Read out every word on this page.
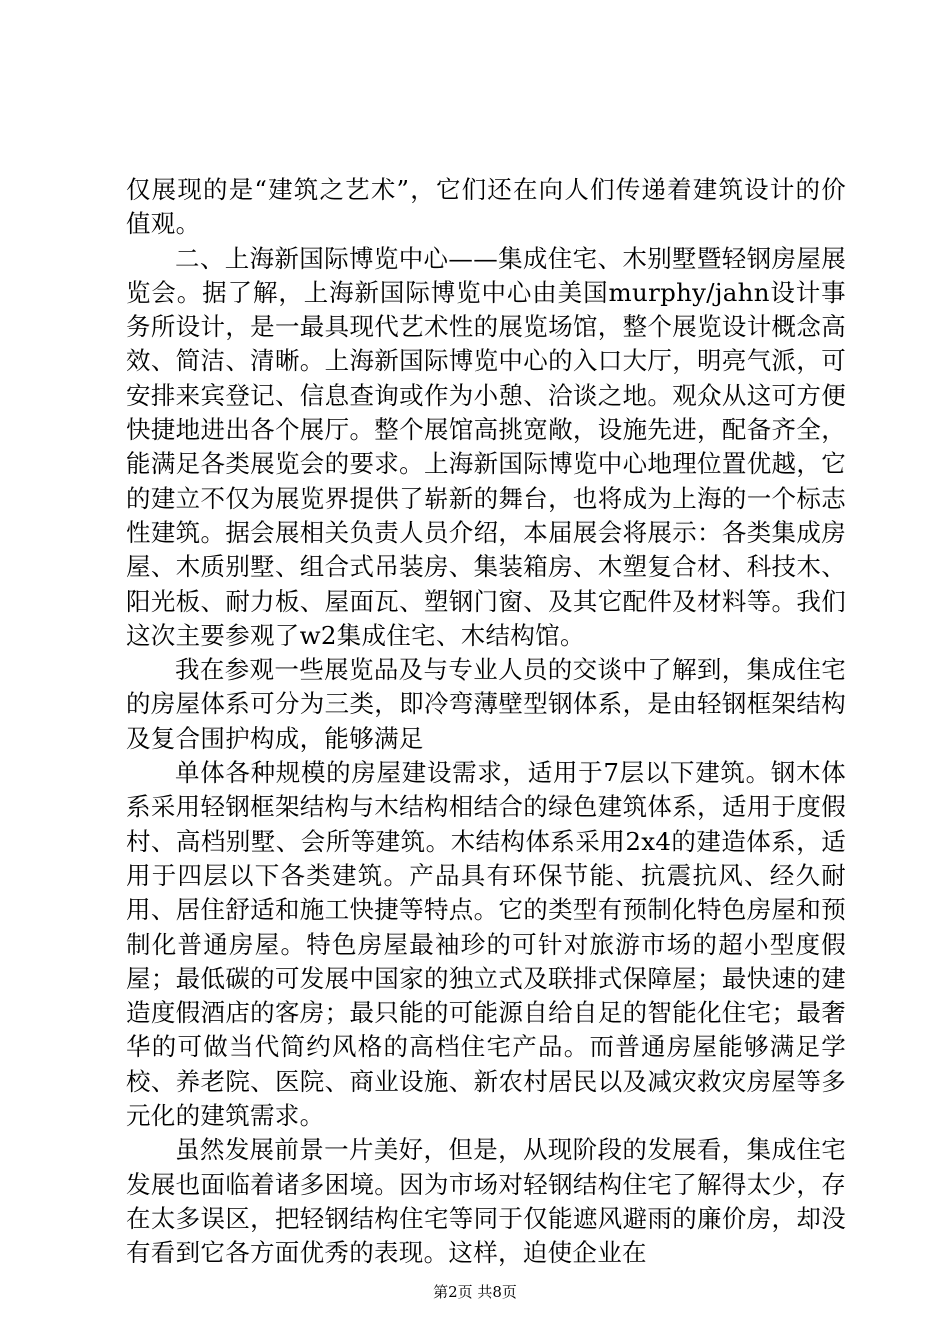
仅展现的是“建筑之艺术”，它们还在向人们传递着建筑设计的价值观。

二、上海新国际博览中心——集成住宅、木别墅暨轻钢房屋展览会。据了解，上海新国际博览中心由美国murphy/jahn设计事务所设计，是一最具现代艺术性的展览场馆，整个展览设计概念高效、简洁、清晰。上海新国际博览中心的入口大厅，明亮气派，可安排来宾登记、信息查询或作为小憩、洽谈之地。观众从这可方便快捷地进出各个展厅。整个展馆高挑宽敞，设施先进，配备齐全，能满足各类展览会的要求。上海新国际博览中心地理位置优越，它的建立不仅为展览界提供了崭新的舞台，也将成为上海的一个标志性建筑。据会展相关负责人员介绍，本届展会将展示：各类集成房屋、木质别墅、组合式吊装房、集装箱房、木塑复合材、科技木、阳光板、耐力板、屋面瓦、塑钢门窗、及其它配件及材料等。我们这次主要参观了w2集成住宅、木结构馆。

我在参观一些展览品及与专业人员的交谈中了解到，集成住宅的房屋体系可分为三类，即冷弯薄壁型钢体系，是由轻钢框架结构及复合围护构成，能够满足

单体各种规模的房屋建设需求，适用于7层以下建筑。钢木体系采用轻钢框架结构与木结构相结合的绿色建筑体系，适用于度假村、高档别墅、会所等建筑。木结构体系采用2x4的建造体系，适用于四层以下各类建筑。产品具有环保节能、抗震抗风、经久耐用、居住舒适和施工快捷等特点。它的类型有预制化特色房屋和预制化普通房屋。特色房屋最袖珍的可针对旅游市场的超小型度假屋；最低碳的可发展中国家的独立式及联排式保障屋；最快速的建造度假酒店的客房；最只能的可能源自给自足的智能化住宅；最奢华的可做当代简约风格的高档住宅产品。而普通房屋能够满足学校、养老院、医院、商业设施、新农村居民以及减灾救灾房屋等多元化的建筑需求。

虽然发展前景一片美好，但是，从现阶段的发展看，集成住宅发展也面临着诸多困境。因为市场对轻钢结构住宅了解得太少，存在太多误区，把轻钢结构住宅等同于仅能遮风避雨的廉价房，却没有看到它各方面优秀的表现。这样，迫使企业在

第2页 共8页
